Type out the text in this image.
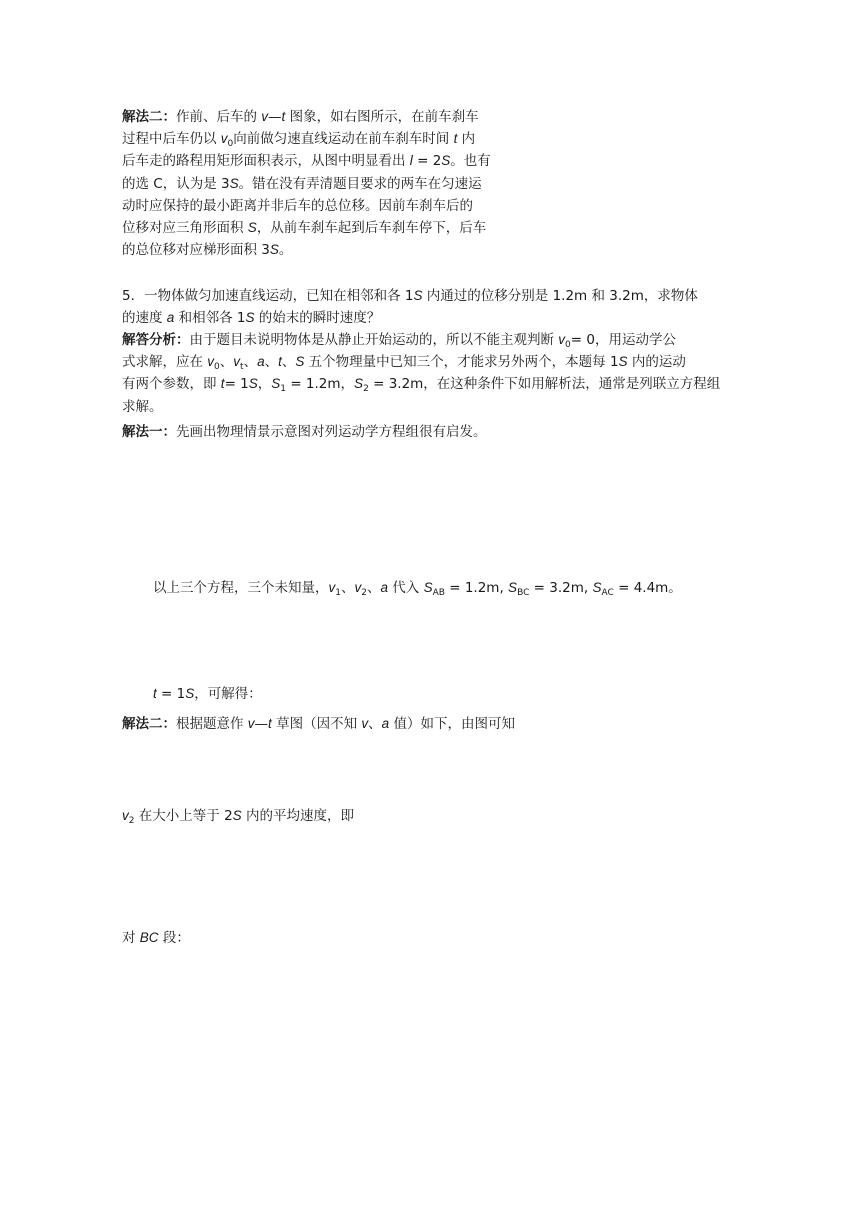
解法二：作前、后车的 v—t 图象，如右图所示，在前车刹车
过程中后车仍以 $v_0$向前做匀速直线运动在前车刹车时间 t 内
后车走的路程用矩形面积表示，从图中明显看出 l = 2S。也有
的选 C，认为是 3S。错在没有弄清题目要求的两车在匀速运
动时应保持的最小距离并非后车的总位移。因前车刹车后的
位移对应三角形面积 S，从前车刹车起到后车刹车停下，后车
的总位移对应梯形面积 3S。
5．一物体做匀加速直线运动，已知在相邻和各 1S 内通过的位移分别是 1.2m 和 3.2m，求物体
的速度 a 和相邻各 1S 的始末的瞬时速度？
解答分析：由于题目未说明物体是从静止开始运动的，所以不能主观判断 $v_0= 0$，用运动学公
式求解，应在 $v_0$、$v_t$、a、t、S 五个物理量中已知三个，才能求另外两个，本题每 1S 内的运动
有两个参数，即 t= 1S，$S_1 = 1.2m$，$S_2 = 3.2m$，在这种条件下如用解析法，通常是列联立方程组
求解。
解法一：先画出物理情景示意图对列运动学方程组很有启发。
以上三个方程，三个未知量，$v_1$、$v_2$、a 代入 $S_{AB} = 1.2m$, $S_{BC} = 3.2m$, $S_{AC} = 4.4m$。
t = 1S，可解得：
解法二：根据题意作 v—t 草图（因不知 v、a 值）如下，由图可知
$v_2$ 在大小上等于 2S 内的平均速度，即
对 BC 段：
